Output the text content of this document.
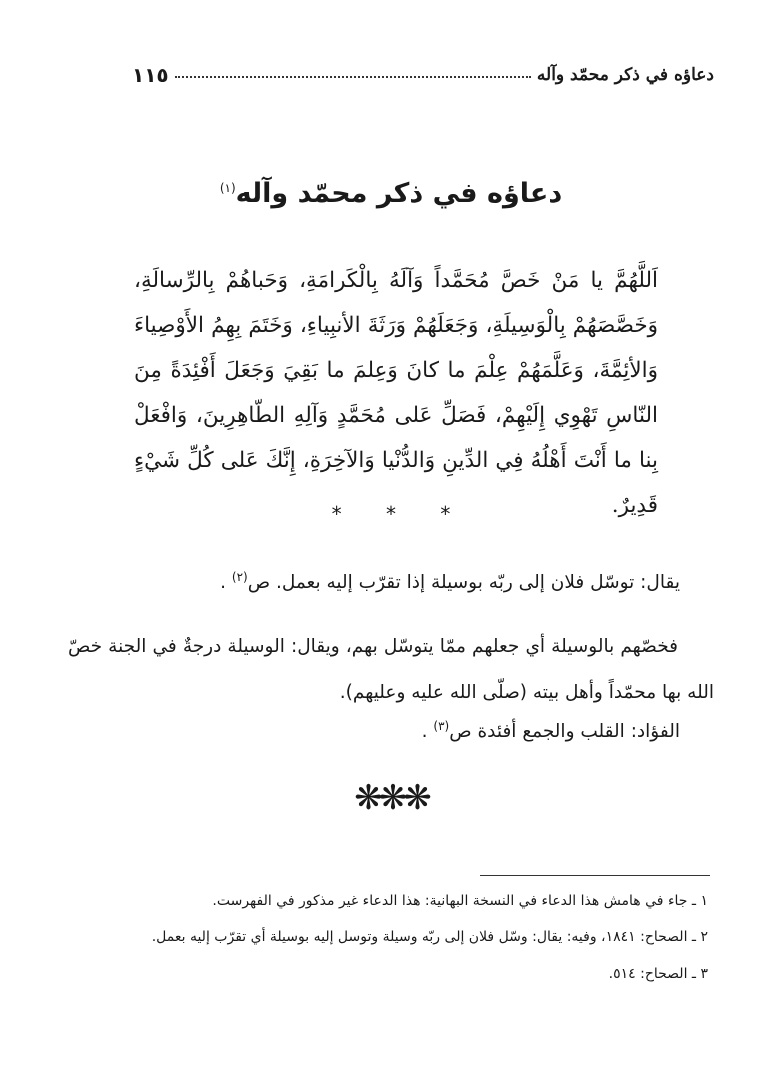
دعاؤه في ذكر محمّد وآله
١١٥
دعاؤه في ذكر محمّد وآله$^{(١)}$
اَللَّهُمَّ يا مَنْ خَصَّ مُحَمَّداً وَآلَهُ بِالْكَرامَةِ، وَحَباهُمْ بِالرِّسالَةِ، وَخَصَّصَهُمْ بِالْوَسِيلَةِ، وَجَعَلَهُمْ وَرَثَةَ الأنبِياءِ، وَخَتَمَ بِهِمُ الأَوْصِياءَ وَالأئِمَّةَ، وَعَلَّمَهُمْ عِلْمَ ما كانَ وَعِلمَ ما بَقِيَ وَجَعَلَ أَفْئِدَةً مِنَ النّاسِ تَهْوِي إِلَيْهِمْ، فَصَلِّ عَلى مُحَمَّدٍ وَآلِهِ الطّاهِرِينَ، وَافْعَلْ بِنا ما أَنْتَ أَهْلُهُ فِي الدِّينِ وَالدُّنْيا وَالآخِرَةِ، إِنَّكَ عَلى كُلِّ شَيْءٍ قَدِيرٌ.
* * *
يقال: توسّل فلان إلى ربّه بوسيلة إذا تقرّب إليه بعمل. ص$^{(٢)}$ .
فخصّهم بالوسيلة أي جعلهم ممّا يتوسّل بهم، ويقال: الوسيلة درجةٌ في الجنة خصّ الله بها محمّداً وأهل بيته (صلّى الله عليه وعليهم).
الفؤاد: القلب والجمع أفئدة ص$^{(٣)}$ .
❋❋❋
١ ـ جاء في هامش هذا الدعاء في النسخة البهانية: هذا الدعاء غير مذكور في الفهرست.
٢ ـ الصحاح: ١٨٤١، وفيه: يقال: وسّل فلان إلى ربّه وسيلة وتوسل إليه بوسيلة أي تقرّب إليه بعمل.
٣ ـ الصحاح: ٥١٤.
